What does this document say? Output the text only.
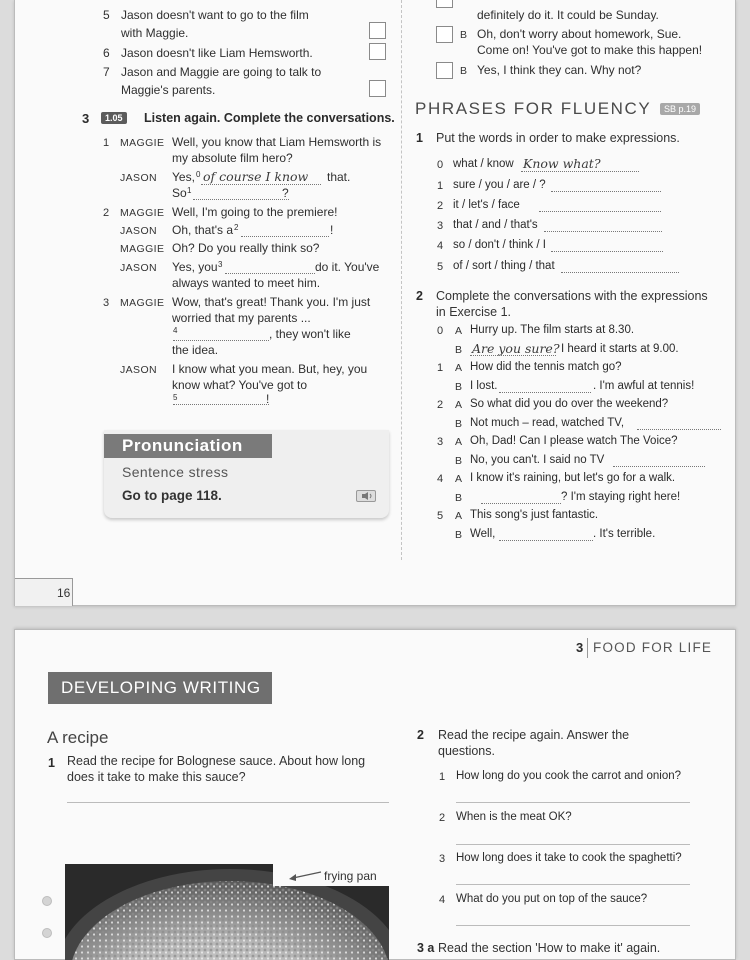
5 Jason doesn't want to go to the film
with Maggie.
6 Jason doesn't like Liam Hemsworth.
7 Jason and Maggie are going to talk to
Maggie's parents.
3	1.05	Listen again. Complete the conversations.
1 MAGGIE Well, you know that Liam Hemsworth is
my absolute film hero?
JASON Yes, 0 of course I know that.
So 1	?
2 MAGGIE Well, I'm going to the premiere!
JASON Oh, that's a 2	!
MAGGIE Oh? Do you really think so?
JASON Yes, you 3	do it. You've
always wanted to meet him.
3 MAGGIE Wow, that's great! Thank you. I'm just
worried that my parents ...
4	, they won't like
the idea.
JASON I know what you mean. But, hey, you
know what? You've got to
5	!
Pronunciation
Sentence stress
Go to page 118.
definitely do it. It could be Sunday.
B Oh, don't worry about homework, Sue.
Come on! You've got to make this happen!
B Yes, I think they can. Why not?
PHRASES FOR FLUENCY	SB p.19
1 Put the words in order to make expressions.
0 what / know Know what?
1 sure / you / are / ?
2 it / let's / face
3 that / and / that's
4 so / don't / think / I
5 of / sort / thing / that
2 Complete the conversations with the expressions
in Exercise 1.
0 A Hurry up. The film starts at 8.30.
B Are you sure? I heard it starts at 9.00.
1 A How did the tennis match go?
B I lost.	. I'm awful at tennis!
2 A So what did you do over the weekend?
B Not much – read, watched TV,
3 A Oh, Dad! Can I please watch The Voice?
B No, you can't. I said no TV
4 A I know it's raining, but let's go for a walk.
B	? I'm staying right here!
5 A This song's just fantastic.
B Well,	. It's terrible.
16
3 FOOD FOR LIFE
DEVELOPING WRITING
A recipe
1 Read the recipe for Bolognese sauce. About how long
does it take to make this sauce?
frying pan
2 Read the recipe again. Answer the
questions.
1 How long do you cook the carrot and onion?
2 When is the meat OK?
3 How long does it take to cook the spaghetti?
4 What do you put on top of the sauce?
3 a Read the section 'How to make it' again.
